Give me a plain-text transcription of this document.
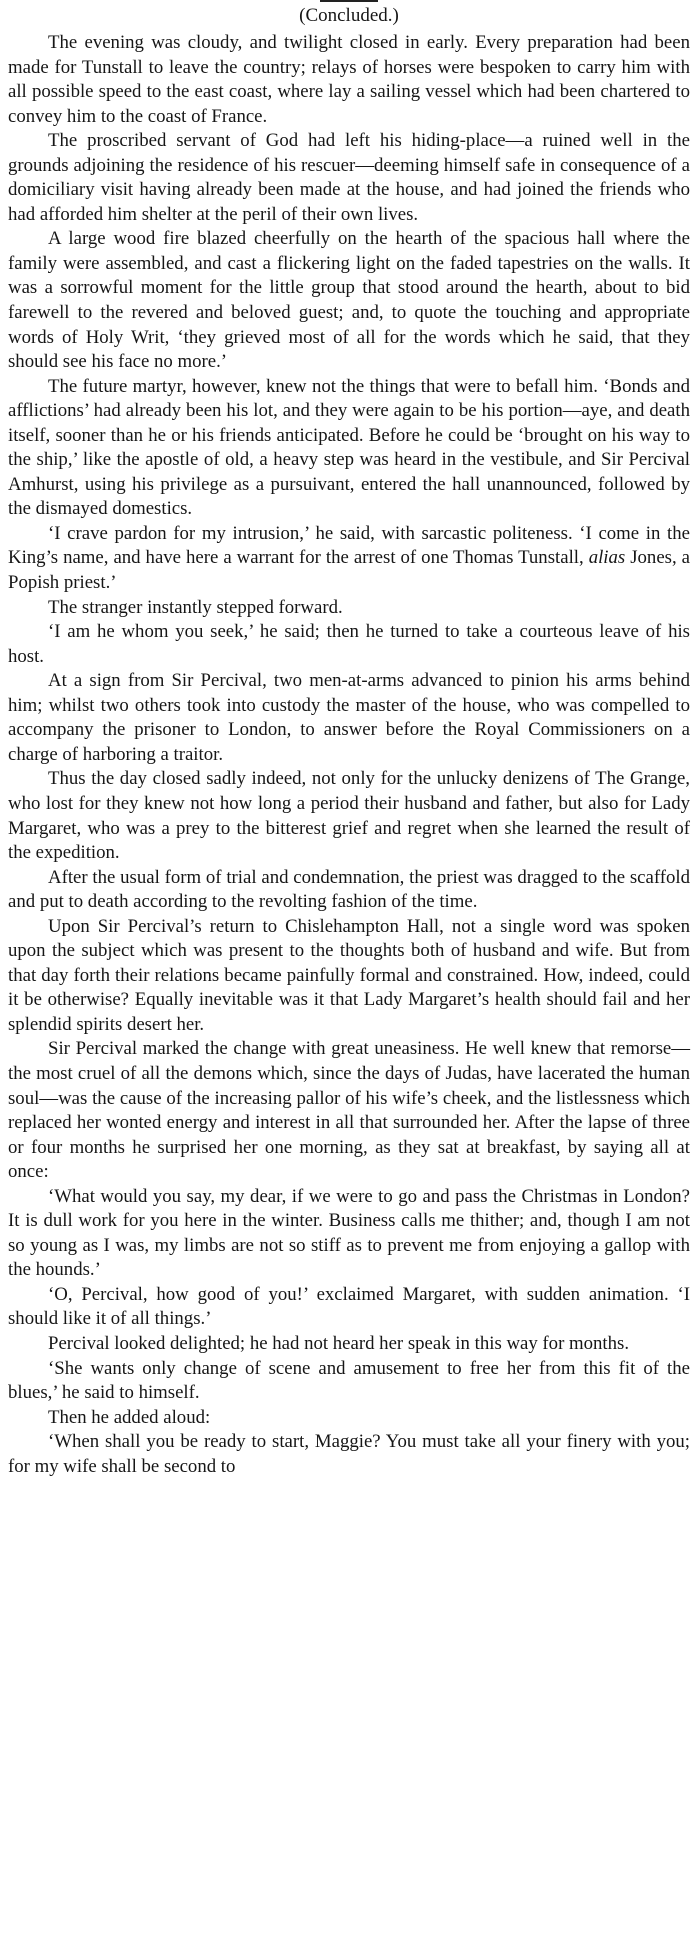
(Concluded.)

The evening was cloudy, and twilight closed in early. Every preparation had been made for Tunstall to leave the country; relays of horses were bespoken to carry him with all possible speed to the east coast, where lay a sailing vessel which had been chartered to convey him to the coast of France.

The proscribed servant of God had left his hiding-place—a ruined well in the grounds adjoining the residence of his rescuer—deeming himself safe in consequence of a domiciliary visit having already been made at the house, and had joined the friends who had afforded him shelter at the peril of their own lives.

A large wood fire blazed cheerfully on the hearth of the spacious hall where the family were assembled, and cast a flickering light on the faded tapestries on the walls. It was a sorrowful moment for the little group that stood around the hearth, about to bid farewell to the revered and beloved guest; and, to quote the touching and appropriate words of Holy Writ, ‘they grieved most of all for the words which he said, that they should see his face no more.’

The future martyr, however, knew not the things that were to befall him. ‘Bonds and afflictions’ had already been his lot, and they were again to be his portion—aye, and death itself, sooner than he or his friends anticipated. Before he could be ‘brought on his way to the ship,’ like the apostle of old, a heavy step was heard in the vestibule, and Sir Percival Amhurst, using his privilege as a pursuivant, entered the hall unannounced, followed by the dismayed domestics.

‘I crave pardon for my intrusion,’ he said, with sarcastic politeness. ‘I come in the King’s name, and have here a warrant for the arrest of one Thomas Tunstall, alias Jones, a Popish priest.’

The stranger instantly stepped forward.

‘I am he whom you seek,’ he said; then he turned to take a courteous leave of his host.

At a sign from Sir Percival, two men-at-arms advanced to pinion his arms behind him; whilst two others took into custody the master of the house, who was compelled to accompany the prisoner to London, to answer before the Royal Commissioners on a charge of harboring a traitor.

Thus the day closed sadly indeed, not only for the unlucky denizens of The Grange, who lost for they knew not how long a period their husband and father, but also for Lady Margaret, who was a prey to the bitterest grief and regret when she learned the result of the expedition.

After the usual form of trial and condemnation, the priest was dragged to the scaffold and put to death according to the revolting fashion of the time.

Upon Sir Percival’s return to Chislehampton Hall, not a single word was spoken upon the subject which was present to the thoughts both of husband and wife. But from that day forth their relations became painfully formal and constrained. How, indeed, could it be otherwise? Equally inevitable was it that Lady Margaret’s health should fail and her splendid spirits desert her.

Sir Percival marked the change with great uneasiness. He well knew that remorse—the most cruel of all the demons which, since the days of Judas, have lacerated the human soul—was the cause of the increasing pallor of his wife’s cheek, and the listlessness which replaced her wonted energy and interest in all that surrounded her. After the lapse of three or four months he surprised her one morning, as they sat at breakfast, by saying all at once:

‘What would you say, my dear, if we were to go and pass the Christmas in London? It is dull work for you here in the winter. Business calls me thither; and, though I am not so young as I was, my limbs are not so stiff as to prevent me from enjoying a gallop with the hounds.’

‘O, Percival, how good of you!’ exclaimed Margaret, with sudden animation. ‘I should like it of all things.’

Percival looked delighted; he had not heard her speak in this way for months.

‘She wants only change of scene and amusement to free her from this fit of the blues,’ he said to himself.

Then he added aloud:

‘When shall you be ready to start, Maggie? You must take all your finery with you; for my wife shall be second to
